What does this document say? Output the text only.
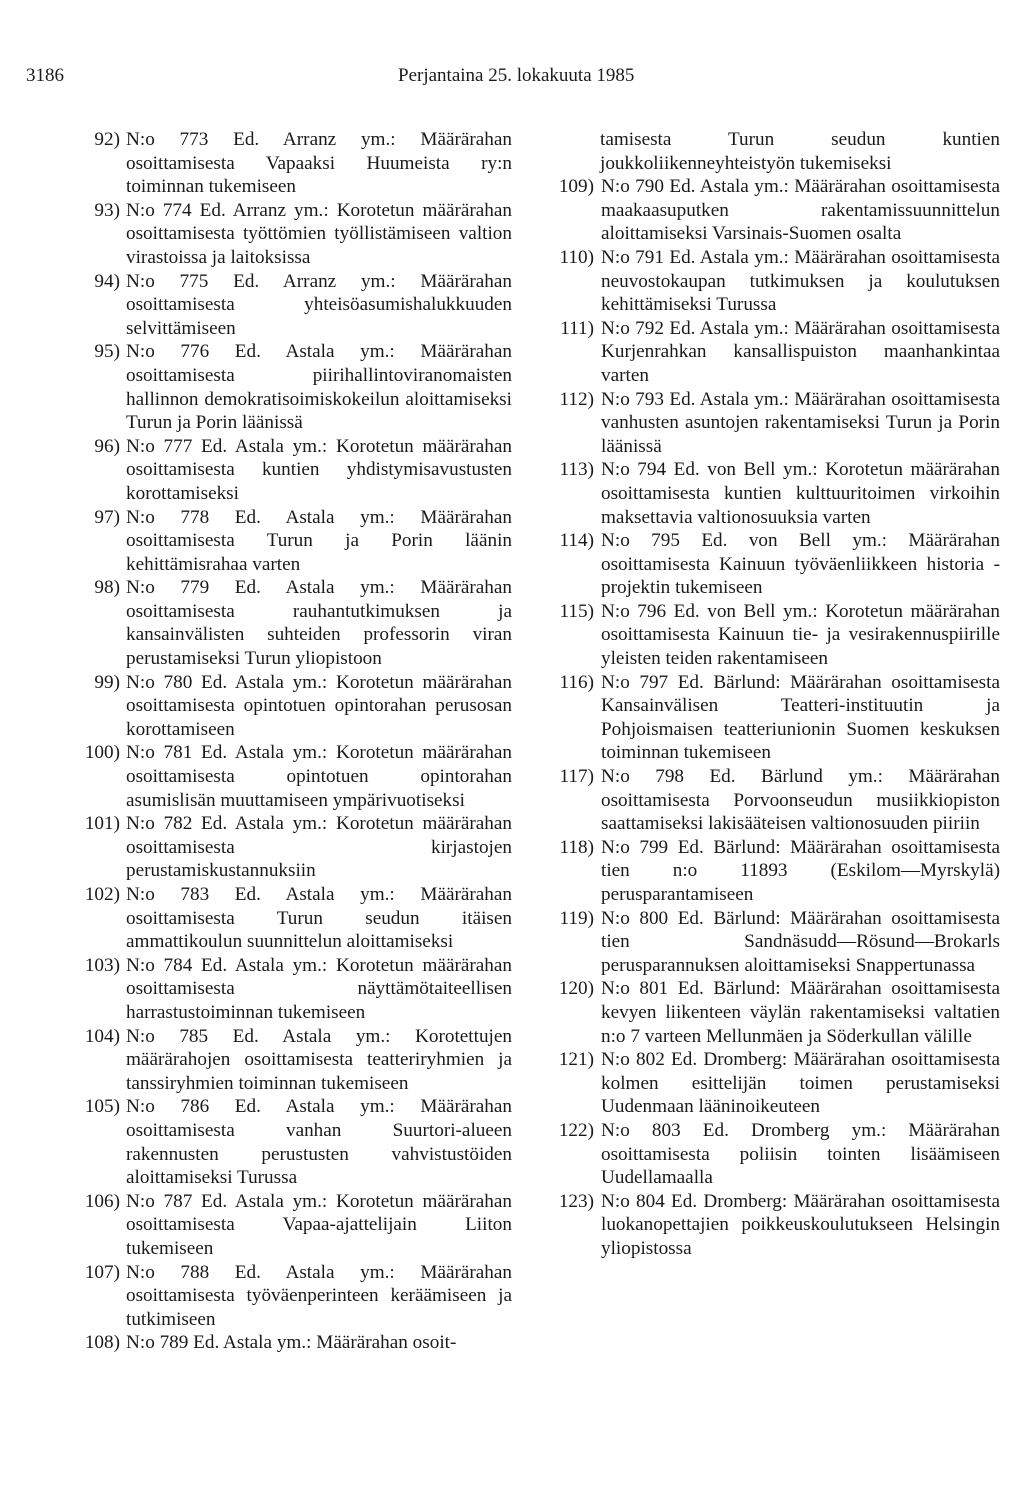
3186	Perjantaina 25. lokakuuta 1985
92) N:o 773 Ed. Arranz ym.: Määrärahan osoittamisesta Vapaaksi Huumeista ry:n toiminnan tukemiseen
93) N:o 774 Ed. Arranz ym.: Korotetun määrärahan osoittamisesta työttömien työllistämiseen valtion virastoissa ja laitoksissa
94) N:o 775 Ed. Arranz ym.: Määrärahan osoittamisesta yhteisöasumishalukkuuden selvittämiseen
95) N:o 776 Ed. Astala ym.: Määrärahan osoittamisesta piirihallintoviranomaisten hallinnon demokratisoimiskokeilun aloittamiseksi Turun ja Porin läänissä
96) N:o 777 Ed. Astala ym.: Korotetun määrärahan osoittamisesta kuntien yhdistymisavustusten korottamiseksi
97) N:o 778 Ed. Astala ym.: Määrärahan osoittamisesta Turun ja Porin läänin kehittämisrahaa varten
98) N:o 779 Ed. Astala ym.: Määrärahan osoittamisesta rauhantutkimuksen ja kansainvälisten suhteiden professorin viran perustamiseksi Turun yliopistoon
99) N:o 780 Ed. Astala ym.: Korotetun määrärahan osoittamisesta opintotuen opintorahan perusosan korottamiseen
100) N:o 781 Ed. Astala ym.: Korotetun määrärahan osoittamisesta opintotuen opintorahan asumislisän muuttamiseen ympärivuotiseksi
101) N:o 782 Ed. Astala ym.: Korotetun määrärahan osoittamisesta kirjastojen perustamiskustannuksiin
102) N:o 783 Ed. Astala ym.: Määrärahan osoittamisesta Turun seudun itäisen ammattikoulun suunnittelun aloittamiseksi
103) N:o 784 Ed. Astala ym.: Korotetun määrärahan osoittamisesta näyttämötaiteellisen harrastustoiminnan tukemiseen
104) N:o 785 Ed. Astala ym.: Korotettujen määrärahojen osoittamisesta teatteriryhmien ja tanssiryhmien toiminnan tukemiseen
105) N:o 786 Ed. Astala ym.: Määrärahan osoittamisesta vanhan Suurtori-alueen rakennusten perustusten vahvistustöiden aloittamiseksi Turussa
106) N:o 787 Ed. Astala ym.: Korotetun määrärahan osoittamisesta Vapaa-ajattelijain Liiton tukemiseen
107) N:o 788 Ed. Astala ym.: Määrärahan osoittamisesta työväenperinteen keräämiseen ja tutkimiseen
108) N:o 789 Ed. Astala ym.: Määrärahan osoit-
tamisesta Turun seudun kuntien joukkoliikenneyhteistyön tukemiseksi
109) N:o 790 Ed. Astala ym.: Määrärahan osoittamisesta maakaasuputken rakentamissuunnittelun aloittamiseksi Varsinais-Suomen osalta
110) N:o 791 Ed. Astala ym.: Määrärahan osoittamisesta neuvostokaupan tutkimuksen ja koulutuksen kehittämiseksi Turussa
111) N:o 792 Ed. Astala ym.: Määrärahan osoittamisesta Kurjenrahkan kansallispuiston maanhankintaa varten
112) N:o 793 Ed. Astala ym.: Määrärahan osoittamisesta vanhusten asuntojen rakentamiseksi Turun ja Porin läänissä
113) N:o 794 Ed. von Bell ym.: Korotetun määrärahan osoittamisesta kuntien kulttuuritoimen virkoihin maksettavia valtionosuuksia varten
114) N:o 795 Ed. von Bell ym.: Määrärahan osoittamisesta Kainuun työväenliikkeen historia -projektin tukemiseen
115) N:o 796 Ed. von Bell ym.: Korotetun määrärahan osoittamisesta Kainuun tie- ja vesirakennuspiirille yleisten teiden rakentamiseen
116) N:o 797 Ed. Bärlund: Määrärahan osoittamisesta Kansainvälisen Teatteri-instituutin ja Pohjoismaisen teatteriunionin Suomen keskuksen toiminnan tukemiseen
117) N:o 798 Ed. Bärlund ym.: Määrärahan osoittamisesta Porvoonseudun musiikkiopiston saattamiseksi lakisääteisen valtionosuuden piiriin
118) N:o 799 Ed. Bärlund: Määrärahan osoittamisesta tien n:o 11893 (Eskilom—Myrskylä) perusparantamiseen
119) N:o 800 Ed. Bärlund: Määrärahan osoittamisesta tien Sandnäsudd—Rösund—Brokarls perusparannuksen aloittamiseksi Snappertunassa
120) N:o 801 Ed. Bärlund: Määrärahan osoittamisesta kevyen liikenteen väylän rakentamiseksi valtatien n:o 7 varteen Mellunmäen ja Söderkullan välille
121) N:o 802 Ed. Dromberg: Määrärahan osoittamisesta kolmen esittelijän toimen perustamiseksi Uudenmaan lääninoikeuteen
122) N:o 803 Ed. Dromberg ym.: Määrärahan osoittamisesta poliisin tointen lisäämiseen Uudellamaalla
123) N:o 804 Ed. Dromberg: Määrärahan osoittamisesta luokanopettajien poikkeuskoulutukseen Helsingin yliopistossa
